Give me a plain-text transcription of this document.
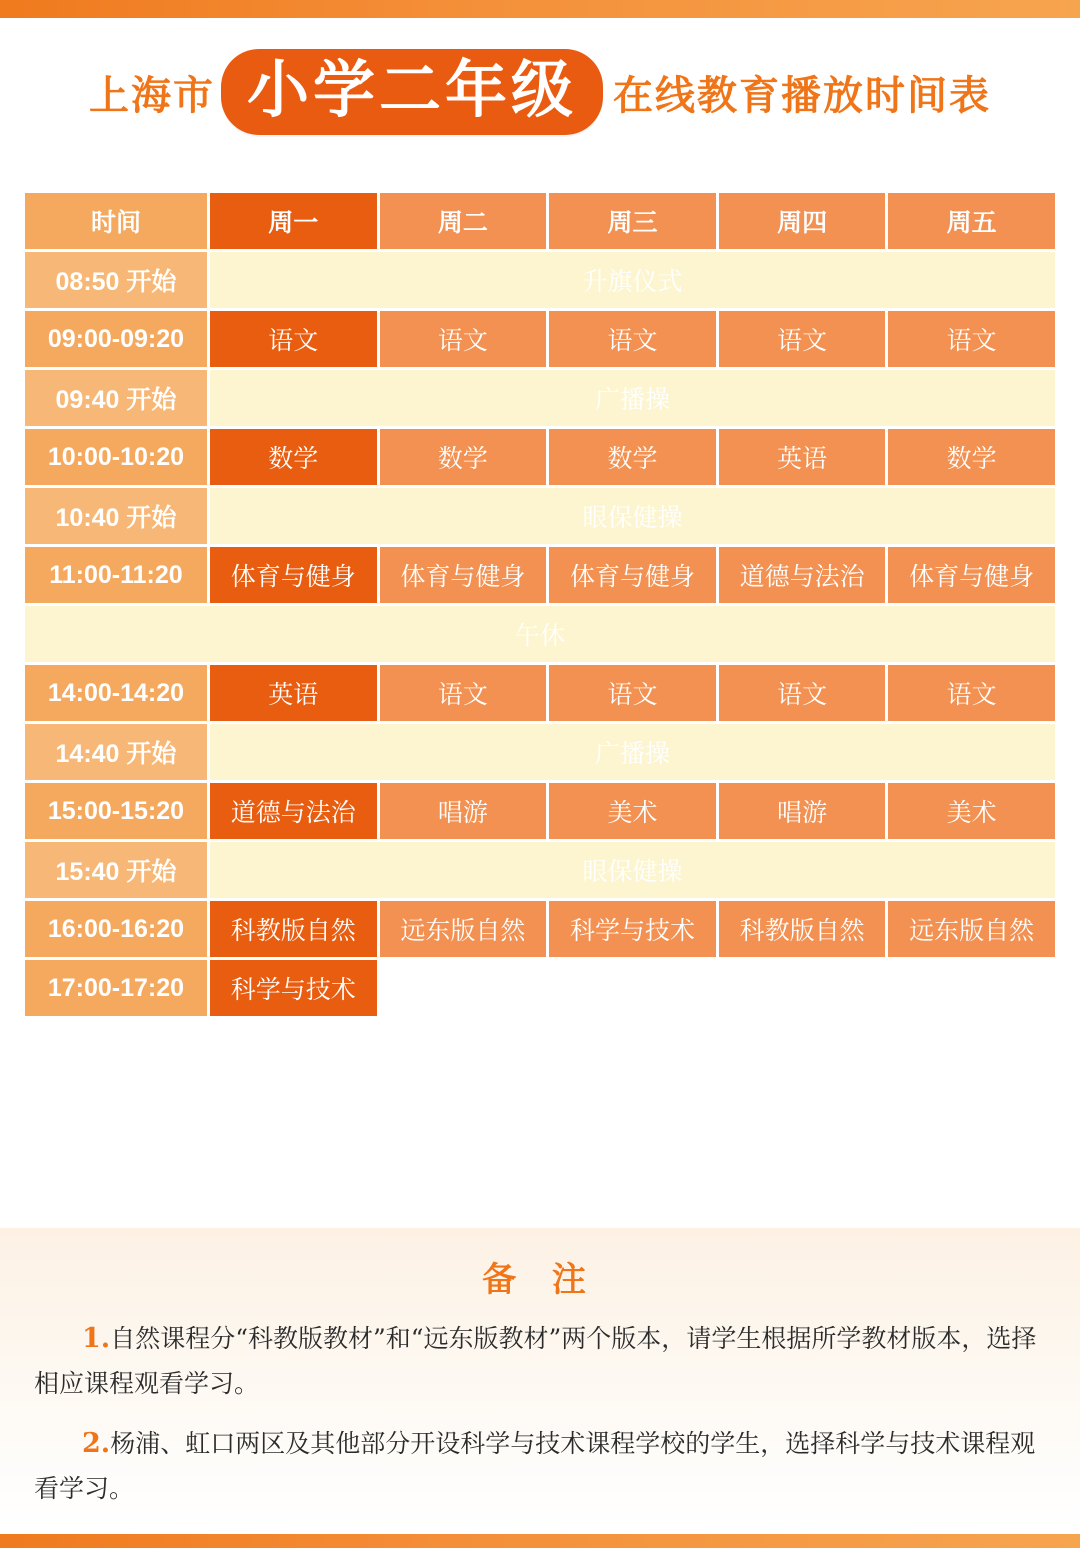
上海市 小学二年级 在线教育播放时间表
时间	周一	周二	周三	周四	周五
08:50 开始	升旗仪式				
09:00-09:20	语文	语文	语文	语文	语文
09:40 开始	广播操				
10:00-10:20	数学	数学	数学	英语	数学
10:40 开始	眼保健操				
11:00-11:20	体育与健身	体育与健身	体育与健身	道德与法治	体育与健身
午休					
14:00-14:20	英语	语文	语文	语文	语文
14:40 开始	广播操				
15:00-15:20	道德与法治	唱游	美术	唱游	美术
15:40 开始	眼保健操				
16:00-16:20	科教版自然	远东版自然	科学与技术	科教版自然	远东版自然
17:00-17:20	科学与技术				
备 注
1.自然课程分“科教版教材”和“远东版教材”两个版本，请学生根据所学教材版本，选择相应课程观看学习。
2.杨浦、虹口两区及其他部分开设科学与技术课程学校的学生，选择科学与技术课程观看学习。
